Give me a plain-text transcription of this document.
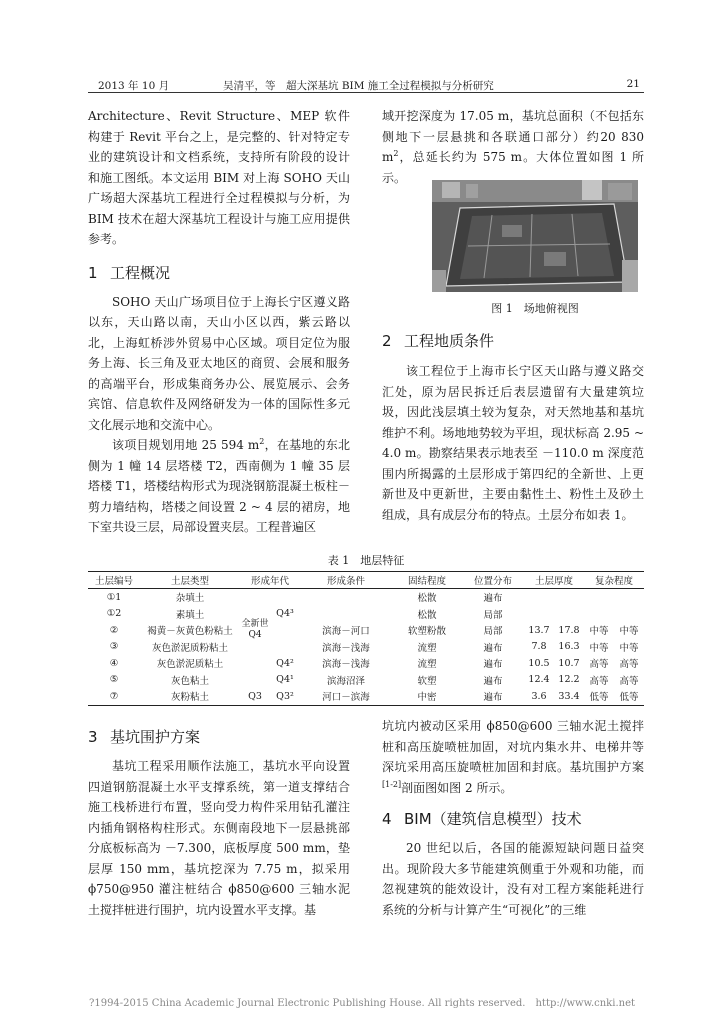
2013 年 10 月	吴清平，等　超大深基坑 BIM 施工全过程模拟与分析研究	21

Architecture、Revit Structure、MEP 软件构建于 Revit 平台之上，是完整的、针对特定专业的建筑设计和文档系统，支持所有阶段的设计和施工图纸。本文运用 BIM 对上海 SOHO 天山广场超大深基坑工程进行全过程模拟与分析，为 BIM 技术在超大深基坑工程设计与施工应用提供参考。

1 工程概况

SOHO 天山广场项目位于上海长宁区遵义路以东，天山路以南，天山小区以西，紫云路以北，上海虹桥涉外贸易中心区域。项目定位为服务上海、长三角及亚太地区的商贸、会展和服务的高端平台，形成集商务办公、展览展示、会务宾馆、信息软件及网络研发为一体的国际性多元文化展示地和交流中心。

该项目规划用地 25 594 $m^2$，在基地的东北侧为 1 幢 14 层塔楼 T2，西南侧为 1 幢 35 层塔楼 T1，塔楼结构形式为现浇钢筋混凝土板柱－剪力墙结构，塔楼之间设置 2 ~ 4 层的裙房，地下室共设三层，局部设置夹层。工程普遍区

域开挖深度为 17.05 m，基坑总面积（不包括东侧地下一层悬挑和各联通口部分）约20 830 $m^2$，总延长约为 575 m。大体位置如图 1 所示。

图 1　场地俯视图
2 工程地质条件

该工程位于上海市长宁区天山路与遵义路交汇处，原为居民拆迁后表层遗留有大量建筑垃圾，因此浅层填土较为复杂，对天然地基和基坑维护不利。场地地势较为平坦，现状标高 2.95 ~ 4.0 m。勘察结果表示地表至 －110.0 m 深度范围内所揭露的土层形成于第四纪的全新世、上更新世及中更新世，主要由黏性土、粉性土及砂土组成，具有成层分布的特点。土层分布如表 1。

表 1　地层特征
土层编号	土层类型	形成年代		形成条件	固结程度	位置分布	土层厚度		复杂程度	
①1	杂填土	全新世Q4			松散	遍布				
①2	素填土		Q4³		松散	局部				
②	褐黄－灰黄色粉粘土			滨海－河口	软塑粉散	局部	13.7	17.8	中等	中等
③	灰色淤泥质粉粘土			滨海－浅海	流塑	遍布	7.8	16.3	中等	中等
④	灰色淤泥质粘土		Q4²	滨海－浅海	流塑	遍布	10.5	10.7	高等	高等
⑤	灰色粘土		Q4¹	滨海沼泽	软塑	遍布	12.4	12.2	高等	高等
⑦	灰粉粘土	Q3	Q3²	河口－滨海	中密	遍布	3.6	33.4	低等	低等
3 基坑围护方案

基坑工程采用顺作法施工，基坑水平向设置四道钢筋混凝土水平支撑系统，第一道支撑结合施工栈桥进行布置，竖向受力构件采用钻孔灌注内插角钢格构柱形式。东侧南段地下一层悬挑部分底板标高为 －7.300，底板厚度 500 mm，垫层厚 150 mm，基坑挖深为 7.75 m，拟采用 ϕ750@950 灌注桩结合 ϕ850@600 三轴水泥土搅拌桩进行围护，坑内设置水平支撑。基

坑坑内被动区采用 ϕ850@600 三轴水泥土搅拌桩和高压旋喷桩加固，对坑内集水井、电梯井等深坑采用高压旋喷桩加固和封底。基坑围护方案[1-2]剖面图如图 2 所示。

4 BIM（建筑信息模型）技术

20 世纪以后，各国的能源短缺问题日益突出。现阶段大多节能建筑侧重于外观和功能，而忽视建筑的能效设计，没有对工程方案能耗进行系统的分析与计算产生“可视化”的三维

?1994-2015 China Academic Journal Electronic Publishing House. All rights reserved.　http://www.cnki.net
